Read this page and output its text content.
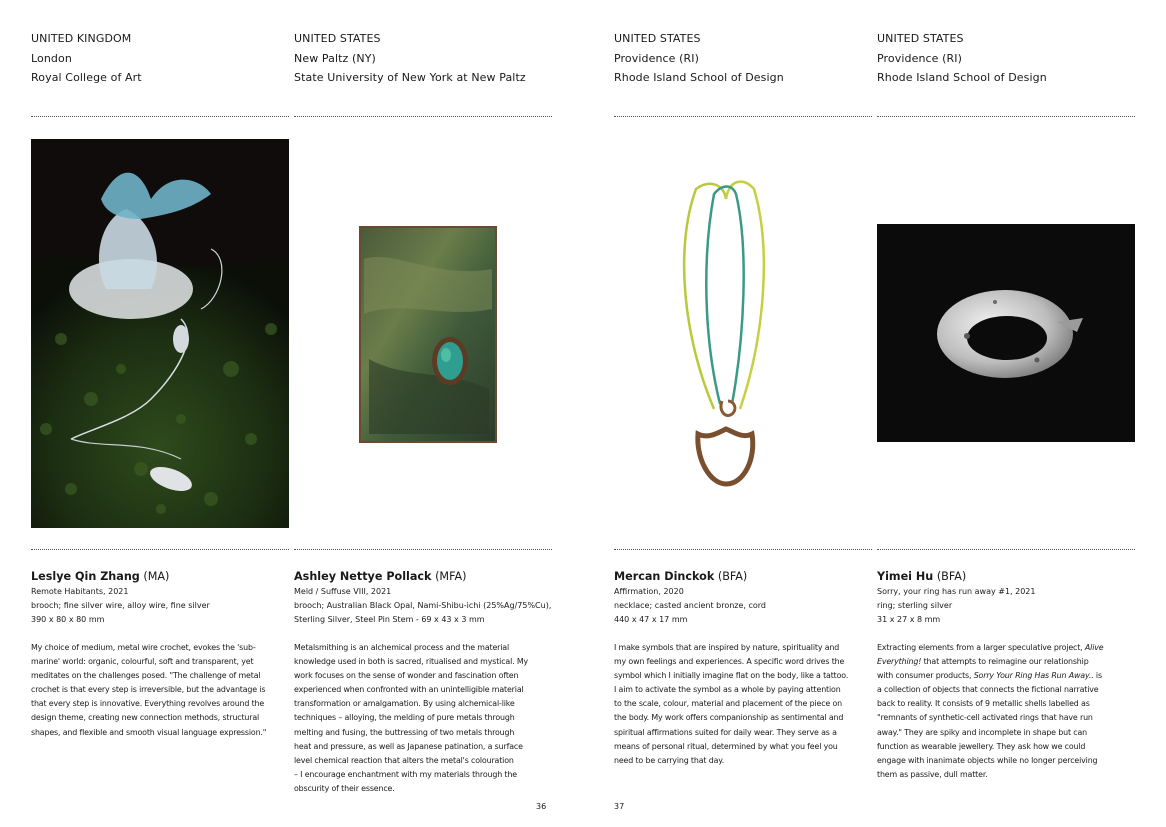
UNITED KINGDOM
London
Royal College of Art
Leslye Qin Zhang (MA)
Remote Habitants, 2021
brooch; fine silver wire, alloy wire, fine silver
390 x 80 x 80 mm
My choice of medium, metal wire crochet, evokes the 'sub-
marine' world: organic, colourful, soft and transparent, yet
meditates on the challenges posed. "The challenge of metal
crochet is that every step is irreversible, but the advantage is
that every step is innovative. Everything revolves around the
design theme, creating new connection methods, structural
shapes, and flexible and smooth visual language expression."
UNITED STATES
New Paltz (NY)
State University of New York at New Paltz
Ashley Nettye Pollack (MFA)
Meld / Suffuse VIII, 2021
brooch; Australian Black Opal, Nami-Shibu-ichi (25%Ag/75%Cu),
Sterling Silver, Steel Pin Stem - 69 x 43 x 3 mm
Metalsmithing is an alchemical process and the material
knowledge used in both is sacred, ritualised and mystical. My
work focuses on the sense of wonder and fascination often
experienced when confronted with an unintelligible material
transformation or amalgamation. By using alchemical-like
techniques – alloying, the melding of pure metals through
melting and fusing, the buttressing of two metals through
heat and pressure, as well as Japanese patination, a surface
level chemical reaction that alters the metal's colouration
– I encourage enchantment with my materials through the
obscurity of their essence.
36
UNITED STATES
Providence (RI)
Rhode Island School of Design
Mercan Dinckok (BFA)
Affirmation, 2020
necklace; casted ancient bronze, cord
440 x 47 x 17 mm
I make symbols that are inspired by nature, spirituality and
my own feelings and experiences. A specific word drives the
symbol which I initially imagine flat on the body, like a tattoo.
I aim to activate the symbol as a whole by paying attention
to the scale, colour, material and placement of the piece on
the body. My work offers companionship as sentimental and
spiritual affirmations suited for daily wear. They serve as a
means of personal ritual, determined by what you feel you
need to be carrying that day.
37
UNITED STATES
Providence (RI)
Rhode Island School of Design
Yimei Hu (BFA)
Sorry, your ring has run away #1, 2021
ring; sterling silver
31 x 27 x 8 mm
Extracting elements from a larger speculative project, Alive
Everything! that attempts to reimagine our relationship
with consumer products, Sorry Your Ring Has Run Away.. is
a collection of objects that connects the fictional narrative
back to reality. It consists of 9 metallic shells labelled as
"remnants of synthetic-cell activated rings that have run
away." They are spiky and incomplete in shape but can
function as wearable jewellery. They ask how we could
engage with inanimate objects while no longer perceiving
them as passive, dull matter.
